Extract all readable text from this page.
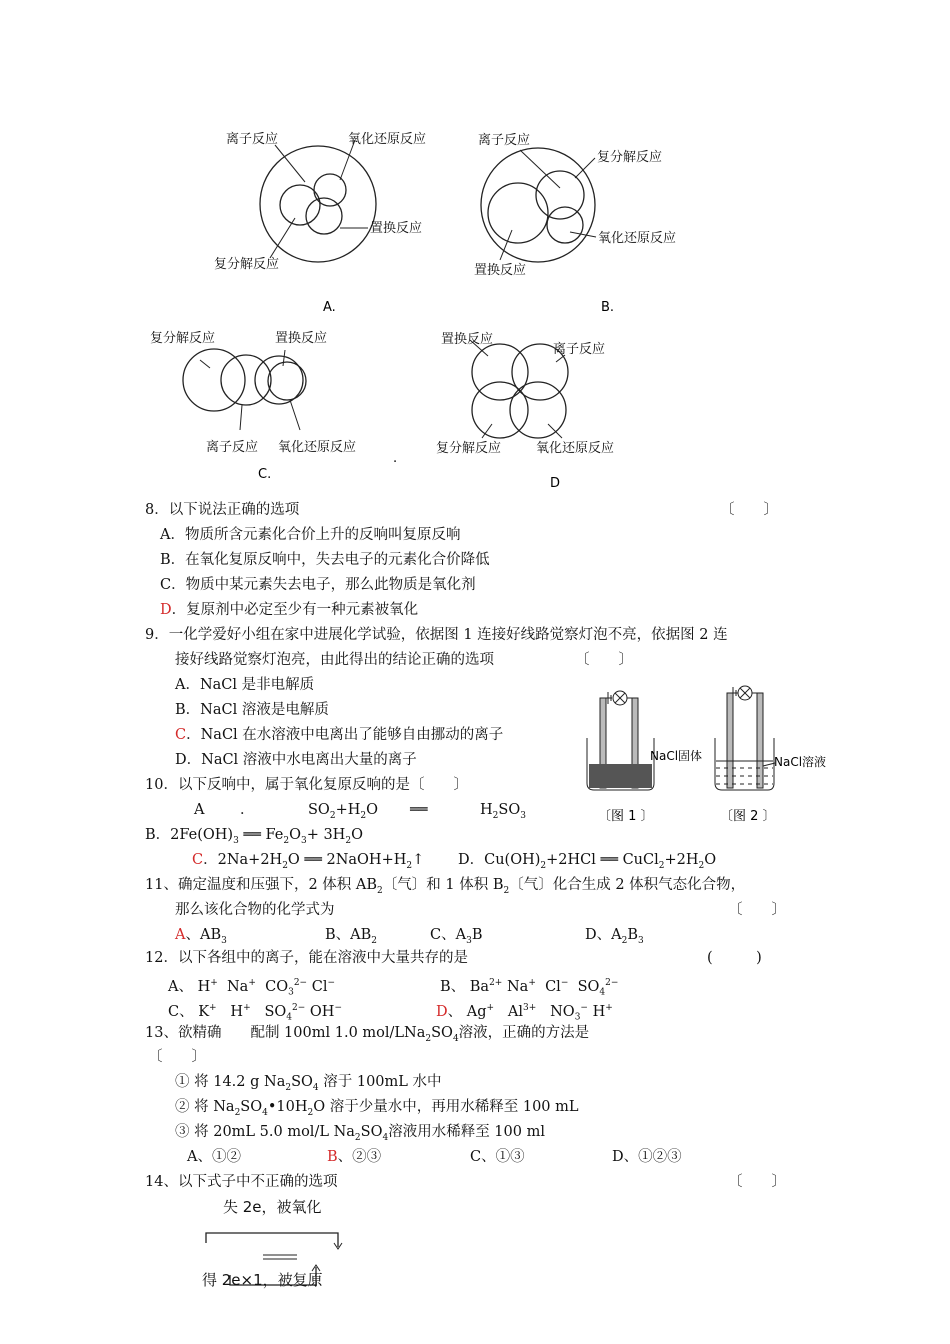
离子反应	氧化还原反应
置换反应
复分解反应
A.
离子反应
复分解反应
氧化还原反应
置换反应
B.
复分解反应	置换反应
离子反应 氧化还原反应
C.
.
置换反应
离子反应
复分解反应	氧化还原反应
D
8．以下说法正确的选项	〔　　〕
A．物质所含元素化合价上升的反响叫复原反响
B．在氧化复原反响中，失去电子的元素化合价降低
C．物质中某元素失去电子，那么此物质是氧化剂
D．复原剂中必定至少有一种元素被氧化
9．一化学爱好小组在家中进展化学试验，依据图 1 连接好线路觉察灯泡不亮，依据图 2 连
接好线路觉察灯泡亮，由此得出的结论正确的选项	〔　　〕
A．NaCl 是非电解质
B．NaCl 溶液是电解质
C．NaCl 在水溶液中电离出了能够自由挪动的离子
D．NaCl 溶液中水电离出大量的离子	NaCl固体
〔图 1 〕
NaCl溶液
〔图 2 〕
10．以下反响中，属于氧化复原反响的是〔　　〕
A ．	$SO_2+H_2O$ ══	$H_2SO_3$
B．$2Fe(OH)_3$ ══ $Fe_2O_3+ 3H_2O$
C．$2Na+2H_2O$ ══ $2NaOH+H_2↑$ D．$Cu(OH)_2+2HCl$ ══ $CuCl_2+2H_2O$
11、确定温度和压强下，2 体积 $AB_2$〔气〕和 1 体积 $B_2$〔气〕化合生成 2 体积气态化合物，
那么该化合物的化学式为	〔　　〕
A、$AB_3$	B、$AB_2$	C、$A_3B$	D、$A_2B_3$
12．以下各组中的离子，能在溶液中大量共存的是	(　　　)
A、 H+  Na+  $CO_3^{2-}$ Cl−	B、 $Ba^{2+}$ Na+  Cl−  $SO_4^{2-}$
C、 K+   H+   $SO_4^{2-}$ OH−	D、 Ag+   $Al^{3+}$   $NO_3^-$ H+
13、欲精确　　配制 100ml 1.0 mol/$LNa_2SO_4$溶液，正确的方法是
〔　　〕
① 将 14.2 g $Na_2SO_4$ 溶于 100mL 水中
② 将 $Na_2SO_4•10H_2O$ 溶于少量水中，再用水稀释至 100 mL
③ 将 20mL 5.0 mol/L $Na_2SO_4$溶液用水稀释至 100 ml
A、①②	B、②③	C、①③	D、①②③
14、以下式子中不正确的选项	〔　　〕
失 2e，被氧化
得 2e×1，被复原
